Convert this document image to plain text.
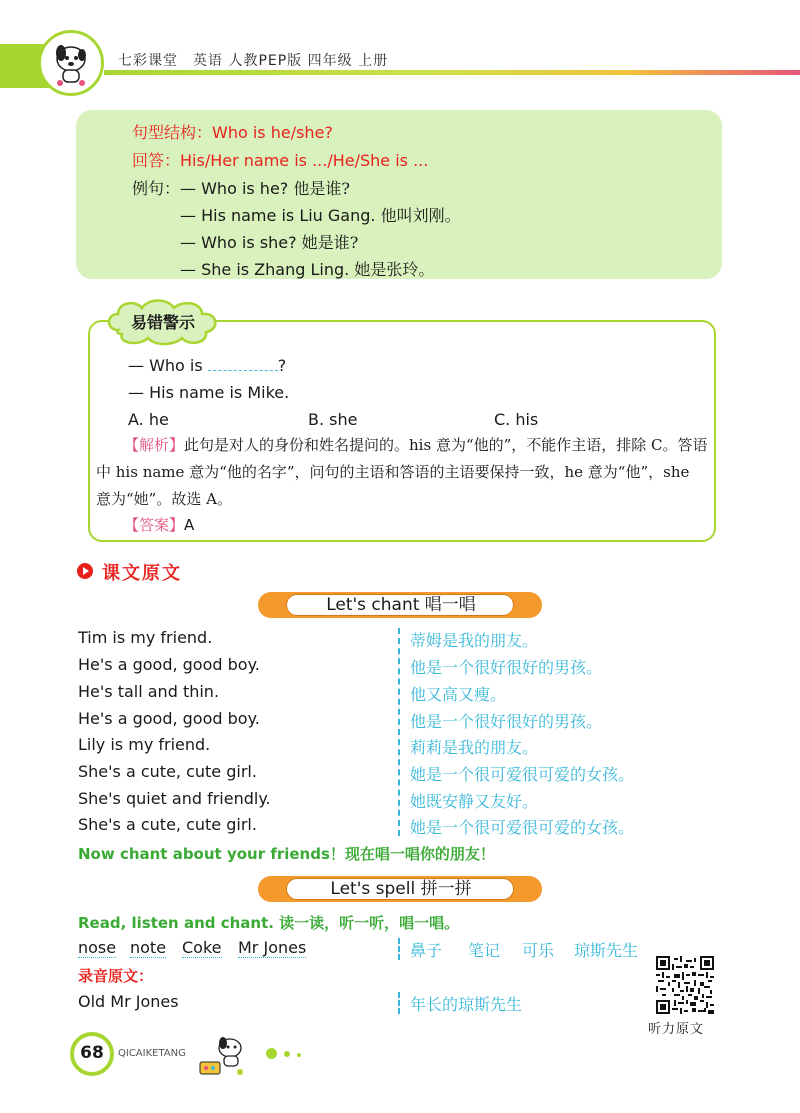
七彩课堂　英语 人教PEP版 四年级 上册
句型结构：Who is he/she?
回答：His/Her name is .../He/She is ...
例句：— Who is he? 他是谁?
— His name is Liu Gang. 他叫刘刚。
— Who is she? 她是谁?
— She is Zhang Ling. 她是张玲。
易错警示
— Who is	?
— His name is Mike.
A. he	B. she	C. his
【解析】此句是对人的身份和姓名提问的。his 意为“他的”，不能作主语，排除 C。答语中 his name 意为“他的名字”，问句的主语和答语的主语要保持一致，he 意为“他”，she 意为“她”。故选 A。
【答案】A
课文原文
Let's chant 唱一唱
Tim is my friend.	蒂姆是我的朋友。
He's a good, good boy.	他是一个很好很好的男孩。
He's tall and thin.	他又高又瘦。
He's a good, good boy.	他是一个很好很好的男孩。
Lily is my friend.	莉莉是我的朋友。
She's a cute, cute girl.	她是一个很可爱很可爱的女孩。
She's quiet and friendly.	她既安静又友好。
She's a cute, cute girl.	她是一个很可爱很可爱的女孩。
Now chant about your friends！现在唱一唱你的朋友！
Let's spell 拼一拼
Read, listen and chant. 读一读，听一听，唱一唱。
nose note Coke Mr Jones	鼻子 笔记 可乐 琼斯先生
录音原文：
Old Mr Jones	年长的琼斯先生
听力原文
68	QICAIKETANG
